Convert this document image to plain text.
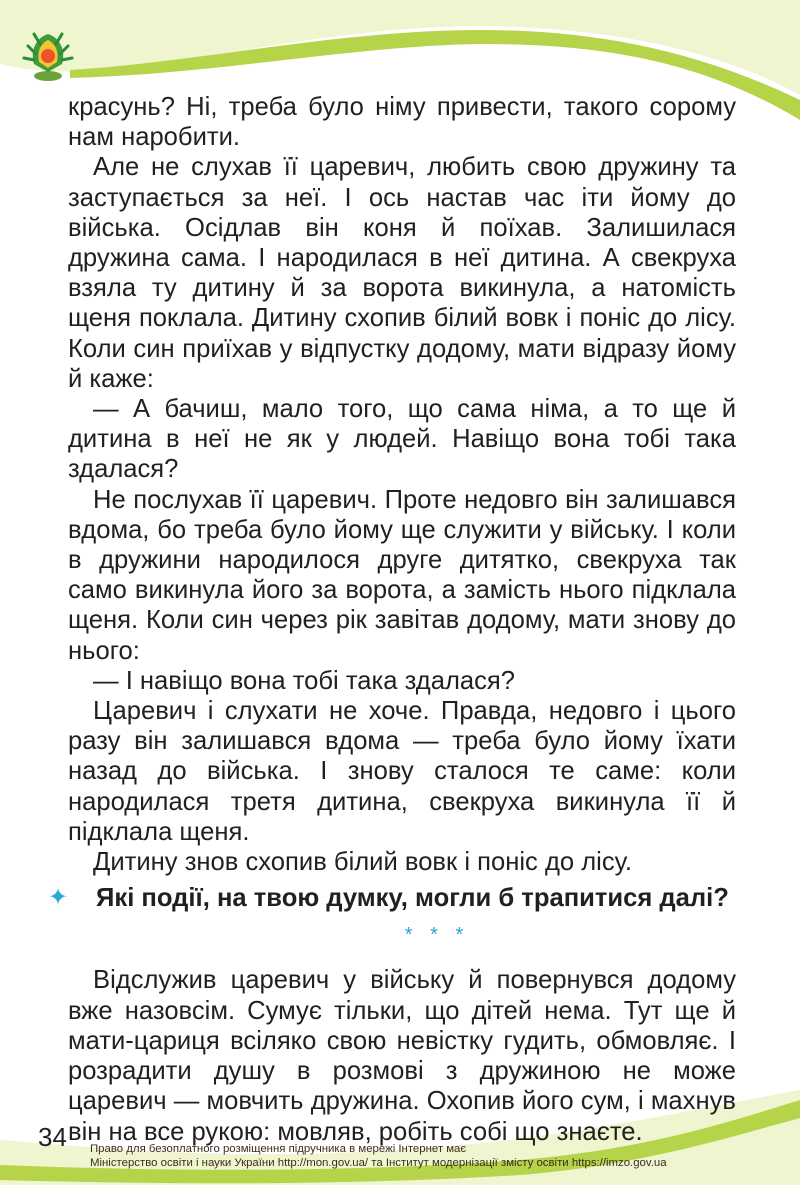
красунь? Ні, треба було німу привести, такого сорому нам наробити.

Але не слухав її царевич, любить свою дружину та заступається за неї. І ось настав час іти йому до війська. Осідлав він коня й поїхав. Залишилася дружина сама. І народилася в неї дитина. А свекруха взяла ту дитину й за ворота викинула, а натомість щеня поклала. Дитину схопив білий вовк і поніс до лісу. Коли син приїхав у відпустку додому, мати відразу йому й каже:

— А бачиш, мало того, що сама німа, а то ще й дитина в неї не як у людей. Навіщо вона тобі така здалася?

Не послухав її царевич. Проте недовго він залишався вдома, бо треба було йому ще служити у війську. І коли в дружини народилося друге дитятко, свекруха так само викинула його за ворота, а замість нього підклала щеня. Коли син через рік завітав додому, мати знову до нього:

— І навіщо вона тобі така здалася?

Царевич і слухати не хоче. Правда, недовго і цього разу він залишався вдома — треба було йому їхати назад до війська. І знову сталося те саме: коли народилася третя дитина, свекруха викинула її й підклала щеня.

Дитину знов схопив білий вовк і поніс до лісу.

✦ Які події, на твою думку, могли б трапитися далі?
* * *

Відслужив царевич у війську й повернувся додому вже назовсім. Сумує тільки, що дітей нема. Тут ще й мати-цариця всіляко свою невістку гудить, обмовляє. І розрадити душу в розмові з дружиною не може царевич — мовчить дружина. Охопив його сум, і махнув він на все рукою: мовляв, робіть собі що знаєте.

34 Право для безоплатного розміщення підручника в мережі Інтернет має
Міністерство освіти і науки України http://mon.gov.ua/ та Інститут модернізації змісту освіти https://imzo.gov.ua
